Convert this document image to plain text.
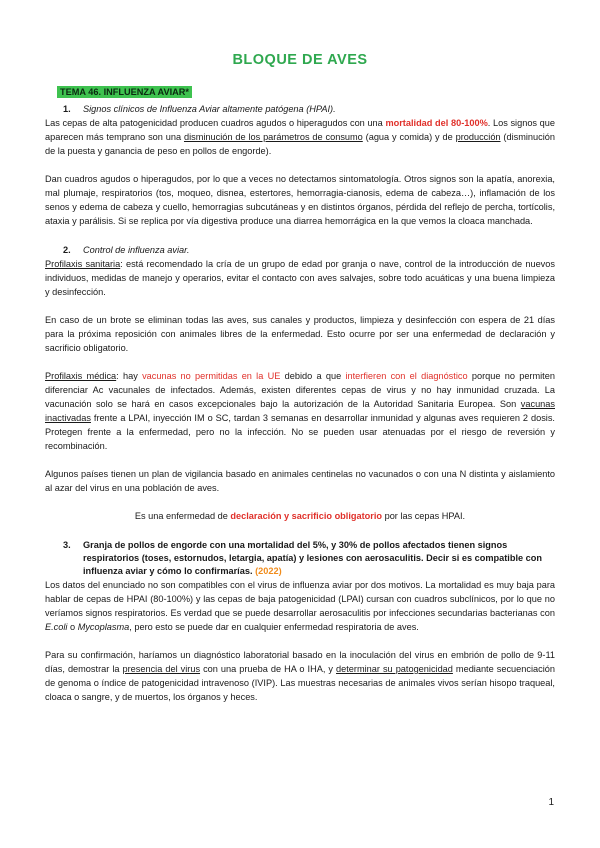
BLOQUE DE AVES
TEMA 46. INFLUENZA AVIAR*
1.	Signos clínicos de Influenza Aviar altamente patógena (HPAI).

Las cepas de alta patogenicidad producen cuadros agudos o hiperagudos con una mortalidad del 80-100%. Los signos que aparecen más temprano son una disminución de los parámetros de consumo (agua y comida) y de producción (disminución de la puesta y ganancia de peso en pollos de engorde).

Dan cuadros agudos o hiperagudos, por lo que a veces no detectamos sintomatología. Otros signos son la apatía, anorexia, mal plumaje, respiratorios (tos, moqueo, disnea, estertores, hemorragia-cianosis, edema de cabeza…), inflamación de los senos y edema de cabeza y cuello, hemorragias subcutáneas y en distintos órganos, pérdida del reflejo de percha, tortícolis, ataxia y parálisis. Si se replica por vía digestiva produce una diarrea hemorrágica en la que vemos la cloaca manchada.

2.	Control de influenza aviar.

Profilaxis sanitaria: está recomendado la cría de un grupo de edad por granja o nave, control de la introducción de nuevos individuos, medidas de manejo y operarios, evitar el contacto con aves salvajes, sobre todo acuáticas y una buena limpieza y desinfección.

En caso de un brote se eliminan todas las aves, sus canales y productos, limpieza y desinfección con espera de 21 días para la próxima reposición con animales libres de la enfermedad. Esto ocurre por ser una enfermedad de declaración y sacrificio obligatorio.

Profilaxis médica: hay vacunas no permitidas en la UE debido a que interfieren con el diagnóstico porque no permiten diferenciar Ac vacunales de infectados. Además, existen diferentes cepas de virus y no hay inmunidad cruzada. La vacunación solo se hará en casos excepcionales bajo la autorización de la Autoridad Sanitaria Europea. Son vacunas inactivadas frente a LPAI, inyección IM o SC, tardan 3 semanas en desarrollar inmunidad y algunas aves requieren 2 dosis. Protegen frente a la enfermedad, pero no la infección. No se pueden usar atenuadas por el riesgo de reversión y recombinación.

Algunos países tienen un plan de vigilancia basado en animales centinelas no vacunados o con una N distinta y aislamiento al azar del virus en una población de aves.

Es una enfermedad de declaración y sacrificio obligatorio por las cepas HPAI.

3.	Granja de pollos de engorde con una mortalidad del 5%, y 30% de pollos afectados tienen signos respiratorios (toses, estornudos, letargia, apatía) y lesiones con aerosaculitis. Decir si es compatible con influenza aviar y cómo lo confirmarías. (2022)

Los datos del enunciado no son compatibles con el virus de influenza aviar por dos motivos. La mortalidad es muy baja para hablar de cepas de HPAI (80-100%) y las cepas de baja patogenicidad (LPAI) cursan con cuadros subclínicos, por lo que no veríamos signos respiratorios. Es verdad que se puede desarrollar aerosaculitis por infecciones secundarias bacterianas con E.coli o Mycoplasma, pero esto se puede dar en cualquier enfermedad respiratoria de aves.

Para su confirmación, haríamos un diagnóstico laboratorial basado en la inoculación del virus en embrión de pollo de 9-11 días, demostrar la presencia del virus con una prueba de HA o IHA, y determinar su patogenicidad mediante secuenciación de genoma o índice de patogenicidad intravenoso (IVIP). Las muestras necesarias de animales vivos serían hisopo traqueal, cloaca o sangre, y de muertos, los órganos y heces.

1
